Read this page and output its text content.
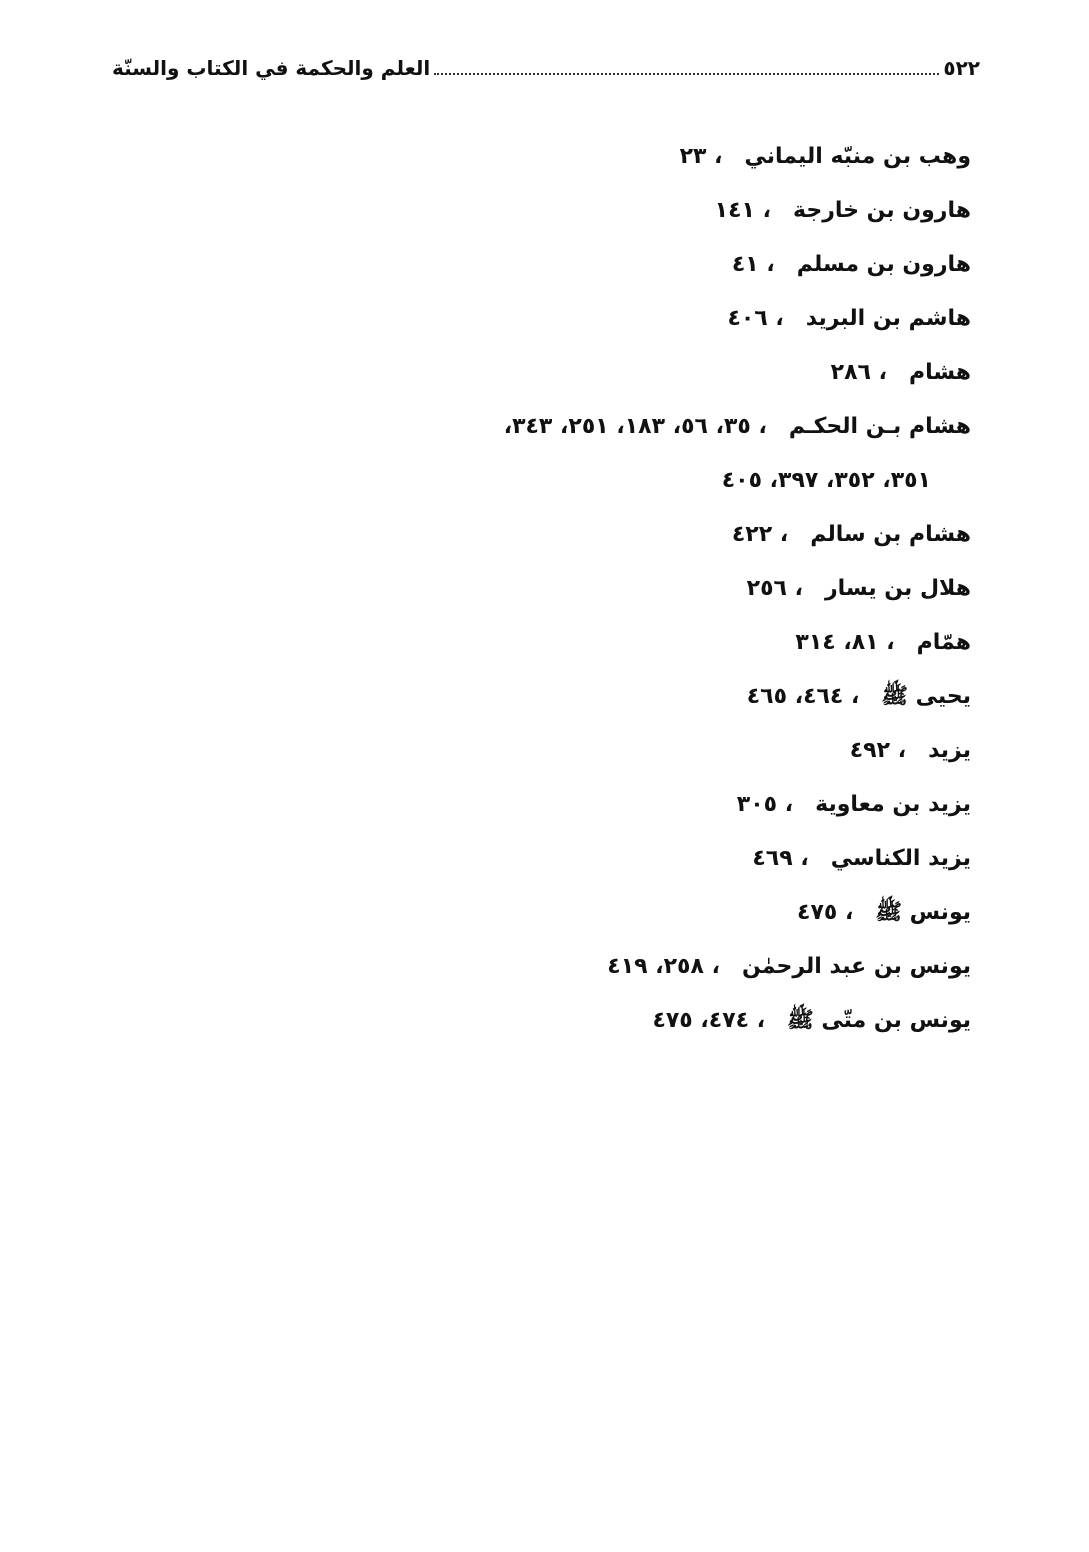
العلم والحكمة في الكتاب والسنّة	٥٢٢
وهب بن منبّه اليماني
، ٢٣
هارون بن خارجة
، ١٤١
هارون بن مسلم
، ٤١
هاشم بن البريد
، ٤٠٦
هشام
، ٢٨٦
هشام بـن الحكـم
، ٣٥، ٥٦، ١٨٣، ٢٥١، ٣٤٣،
٣٥١، ٣٥٢، ٣٩٧، ٤٠٥
هشام بن سالم
، ٤٢٢
هلال بن يسار
، ٢٥٦
همّام
، ٨١، ٣١٤
يحيى ﷺ
، ٤٦٤، ٤٦٥
يزيد
، ٤٩٢
يزيد بن معاوية
، ٣٠٥
يزيد الكناسي
، ٤٦٩
يونس ﷺ
، ٤٧٥
يونس بن عبد الرحمٰن
، ٢٥٨، ٤١٩
يونس بن متّى ﷺ
، ٤٧٤، ٤٧٥
